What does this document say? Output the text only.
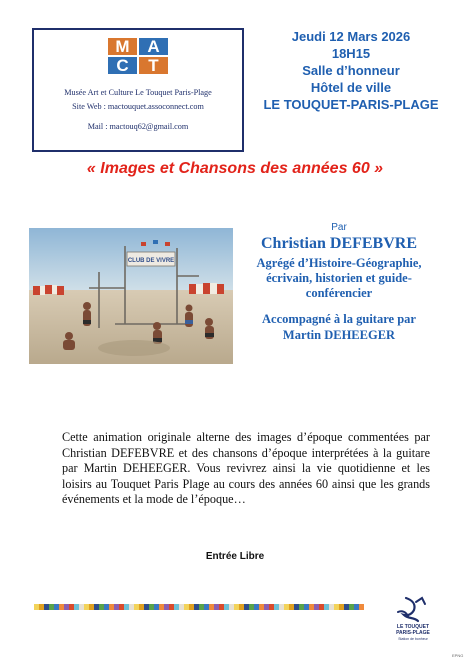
M	A
C	T
Musée Art et Culture Le Touquet Paris-Plage
Site Web : mactouquet.assoconnect.com
Mail : mactouq62@gmail.com
Jeudi 12 Mars 2026
18H15
Salle d’honneur
Hôtel de ville
LE TOUQUET-PARIS-PLAGE
« Images et Chansons des années 60 »
CLUB DE VIVRE
Par
Christian DEFEBVRE
Agrégé d’Histoire-Géographie, écrivain, historien et guide-conférencier
Accompagné à la guitare par
Martin DEHEEGER
Cette animation originale alterne des images d’époque commentées par Christian DEFEBVRE et des chansons d’époque interprétées à la guitare par Martin DEHEEGER. Vous revivrez ainsi la vie quotidienne et les loisirs au Touquet Paris Plage au cours des années 60 ainsi que les grands événements et la mode de l’époque…
Entrée Libre
LE TOUQUET
PARIS-PLAGE
Station de bonheur
EPNG
